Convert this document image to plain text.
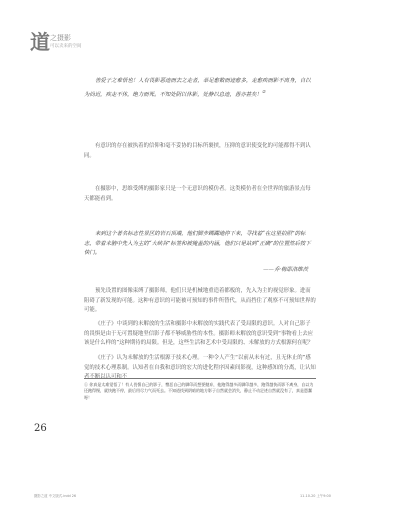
道 之摄影
可以卖来的空间
善爱子之难悟也！人有畏影恶迹而去之走者，举足愈数而迹愈多，走愈疾而影不离身，自以为尚迟，疾走不休，绝力而死。不知处阴以休影，处静以息迹，愚亦甚矣！①
有意识的存在被执着的信仰和毫不妥协的目标所裹挟，压抑的意识使变化的可能都得不到认同。
在摄影中，思维受缚的摄影家只是一个无意识的模仿者。这类模仿者在全世界的旅游景点每天都能看到。
来到这个著名标志性景区的岩石顶端，他们脚步踯躅地停下来，寻找着“在这里拍照”的标志，带着未脑中先入为主的“大峡谷”标签和被掩盖的内涵，他们只是站到“正确”的位置然后按下快门。
——乔·梅耶洛维茨
预先设置的图像束缚了摄影师，他们只是机械地重造着都板的，先入为主的视觉形象。进而阻碍了新发现的可能。这种有意识的可能被可预知的事件所替代，从而挡住了观察不可预知世界的可能。
《庄子》中谈到的未解放的生活和摄影中未解放的实践代表了受局限的意识。人对自己影子的畏惧是由于无可置疑地坚信影子都不够威胁性的本性。摄影师未解放的意识受到“事物看上去应该是什么样的”这种期待的局限。但是，这些生活和艺术中受局限的、未解放的方式根源何在呢？
《庄子》认为未解放的生活根源于技术心理。一种令人产生“以前从未有过，且无休止的”感觉的技术心理系制。认知者在自我和意识的宏大的进化程序因素间影视，这种感知的分离，让认知者不断以认可和不
① 你真是太难觉悟了！有人畏惧自己的影子，憎恶自己的脚印而想要抛弃，他跑得越多而脚印越多，跑得越快而影不离身，自以为还跑得慢，就快跑不停，最后用尽力气而死去。不知道找到阴暗的地方影子自然就会消失，静止不动足迹自然就没有了，真是愚蠢呀！
26
摄影之道 中文版式.indd 26	11-10-20 上午9:00
